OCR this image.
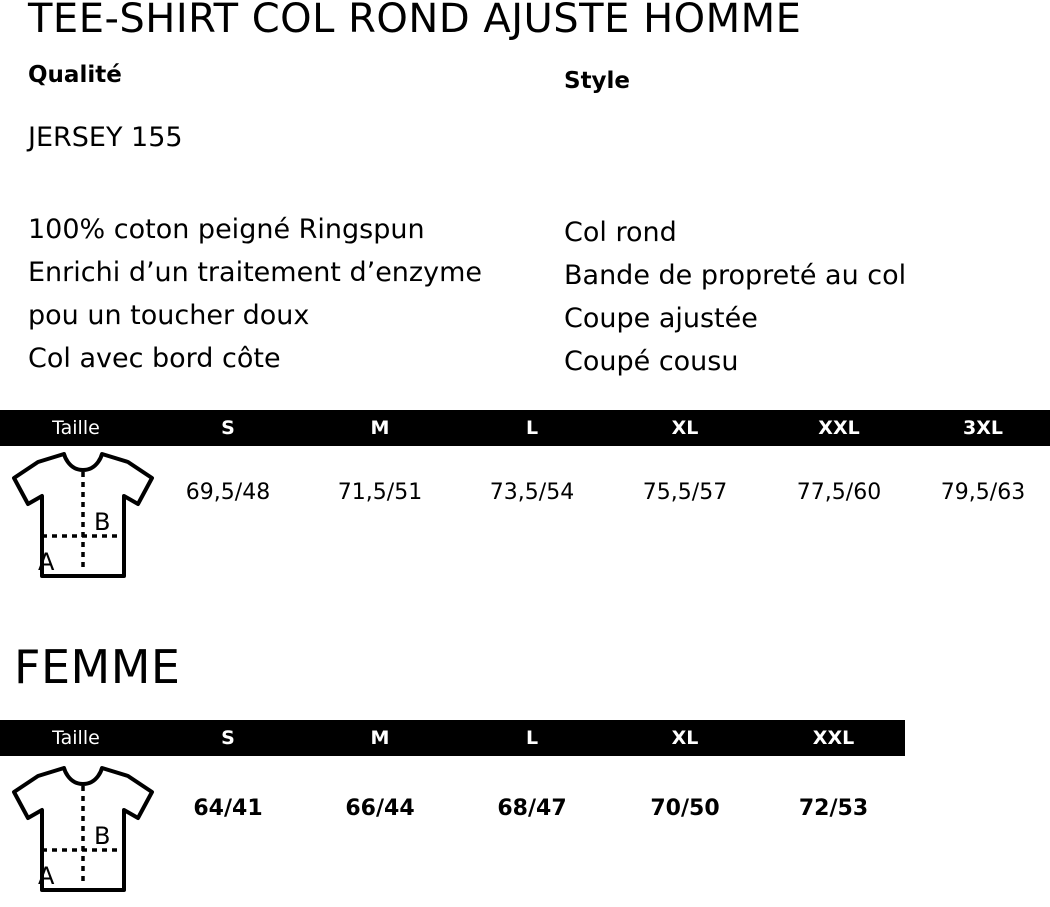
TEE-SHIRT COL ROND AJUSTE HOMME
Qualité
JERSEY 155
Style
100% coton peigné Ringspun
Enrichi d’un traitement d’enzyme
pou un toucher doux
Col avec bord côte
Col rond
Bande de propreté au col
Coupe ajustée
Coupé cousu
Taille	S	M	L	XL	XXL	3XL
69,5/48	71,5/51	73,5/54	75,5/57	77,5/60	79,5/63
A
B
FEMME
Taille	S	M	L	XL	XXL
64/41	66/44	68/47	70/50	72/53
A
B
